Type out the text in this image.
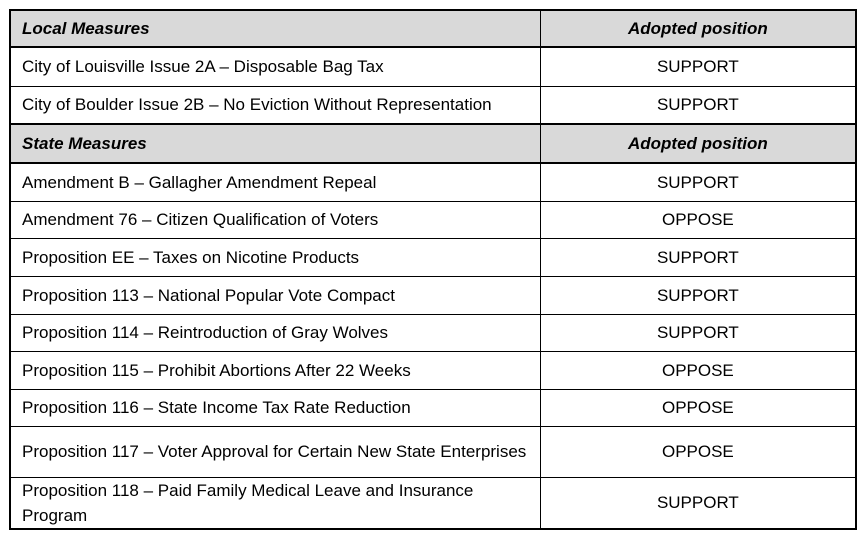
Local Measures	Adopted position
City of Louisville Issue 2A – Disposable Bag Tax	SUPPORT
City of Boulder Issue 2B – No Eviction Without Representation	SUPPORT
State Measures	Adopted position
Amendment B – Gallagher Amendment Repeal	SUPPORT
Amendment 76 – Citizen Qualification of Voters	OPPOSE
Proposition EE – Taxes on Nicotine Products	SUPPORT
Proposition 113 – National Popular Vote Compact	SUPPORT
Proposition 114 – Reintroduction of Gray Wolves	SUPPORT
Proposition 115 – Prohibit Abortions After 22 Weeks	OPPOSE
Proposition 116 – State Income Tax Rate Reduction	OPPOSE
Proposition 117 – Voter Approval for Certain New State Enterprises	OPPOSE
Proposition 118 – Paid Family Medical Leave and Insurance Program	SUPPORT
